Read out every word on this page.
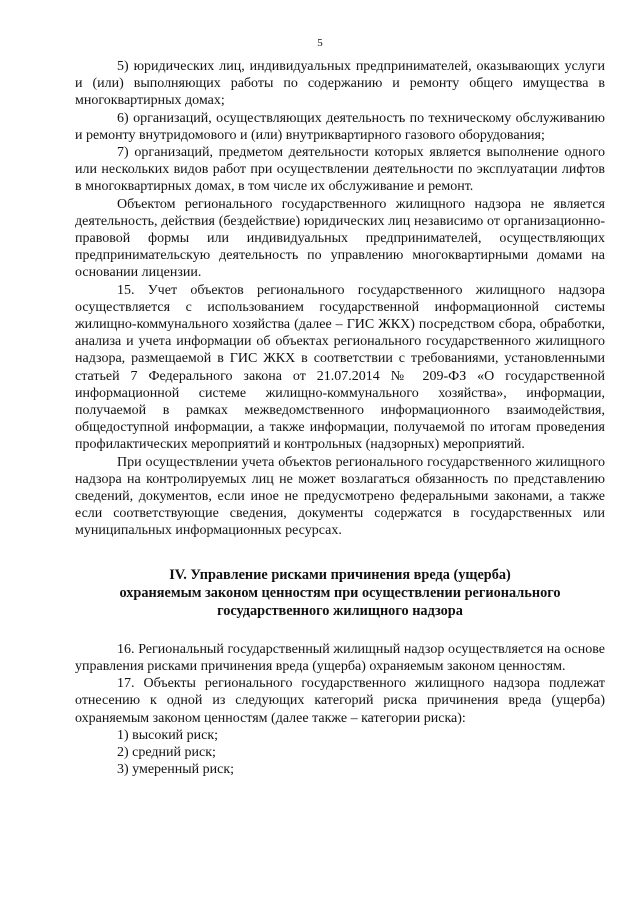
5

5) юридических лиц, индивидуальных предпринимателей, оказывающих услуги и (или) выполняющих работы по содержанию и ремонту общего имущества в многоквартирных домах;

6) организаций, осуществляющих деятельность по техническому обслуживанию и ремонту внутридомового и (или) внутриквартирного газового оборудования;

7) организаций, предметом деятельности которых является выполнение одного или нескольких видов работ при осуществлении деятельности по эксплуатации лифтов в многоквартирных домах, в том числе их обслуживание и ремонт.

Объектом регионального государственного жилищного надзора не является деятельность, действия (бездействие) юридических лиц независимо от организационно-правовой формы или индивидуальных предпринимателей, осуществляющих предпринимательскую деятельность по управлению многоквартирными домами на основании лицензии.

15. Учет объектов регионального государственного жилищного надзора осуществляется с использованием государственной информационной системы жилищно-коммунального хозяйства (далее – ГИС ЖКХ) посредством сбора, обработки, анализа и учета информации об объектах регионального государственного жилищного надзора, размещаемой в ГИС ЖКХ в соответствии с требованиями, установленными статьей 7 Федерального закона от 21.07.2014 № 209-ФЗ «О государственной информационной системе жилищно-коммунального хозяйства», информации, получаемой в рамках межведомственного информационного взаимодействия, общедоступной информации, а также информации, получаемой по итогам проведения профилактических мероприятий и контрольных (надзорных) мероприятий.

При осуществлении учета объектов регионального государственного жилищного надзора на контролируемых лиц не может возлагаться обязанность по представлению сведений, документов, если иное не предусмотрено федеральными законами, а также если соответствующие сведения, документы содержатся в государственных или муниципальных информационных ресурсах.

IV. Управление рисками причинения вреда (ущерба)
охраняемым законом ценностям при осуществлении регионального
государственного жилищного надзора

16. Региональный государственный жилищный надзор осуществляется на основе управления рисками причинения вреда (ущерба) охраняемым законом ценностям.

17. Объекты регионального государственного жилищного надзора подлежат отнесению к одной из следующих категорий риска причинения вреда (ущерба) охраняемым законом ценностям (далее также – категории риска):

1) высокий риск;

2) средний риск;

3) умеренный риск;
